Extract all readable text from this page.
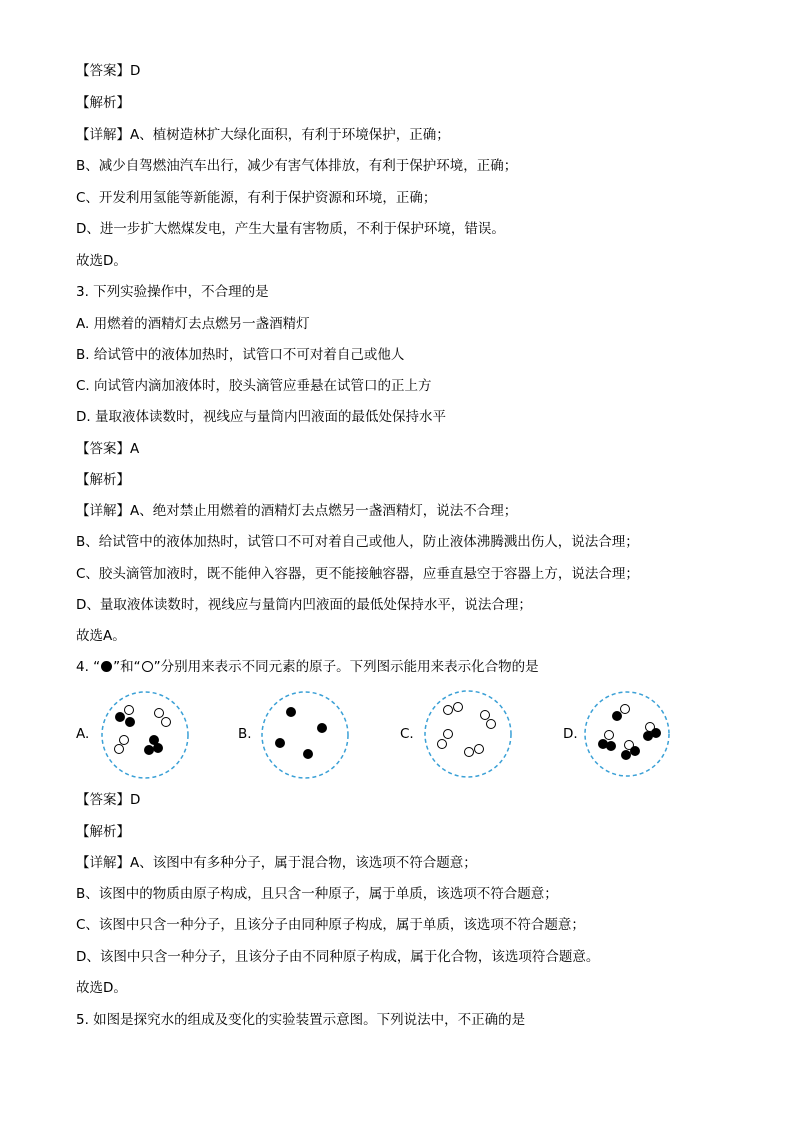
【答案】D
【解析】
【详解】A、植树造林扩大绿化面积，有利于环境保护，正确；
B、减少自驾燃油汽车出行，减少有害气体排放，有利于保护环境，正确；
C、开发利用氢能等新能源，有利于保护资源和环境，正确；
D、进一步扩大燃煤发电，产生大量有害物质，不利于保护环境，错误。
故选D。
3. 下列实验操作中，不合理的是
A. 用燃着的酒精灯去点燃另一盏酒精灯
B. 给试管中的液体加热时，试管口不可对着自己或他人
C. 向试管内滴加液体时，胶头滴管应垂悬在试管口的正上方
D. 量取液体读数时，视线应与量筒内凹液面的最低处保持水平
【答案】A
【解析】
【详解】A、绝对禁止用燃着的酒精灯去点燃另一盏酒精灯，说法不合理；
B、给试管中的液体加热时，试管口不可对着自己或他人，防止液体沸腾溅出伤人，说法合理；
C、胶头滴管加液时，既不能伸入容器，更不能接触容器，应垂直悬空于容器上方，说法合理；
D、量取液体读数时，视线应与量筒内凹液面的最低处保持水平，说法合理；
故选A。
4. “ ”和“ ”分别用来表示不同元素的原子。下列图示能用来表示化合物的是
A.	B.	C.	D.
【答案】D
【解析】
【详解】A、该图中有多种分子，属于混合物，该选项不符合题意；
B、该图中的物质由原子构成，且只含一种原子，属于单质，该选项不符合题意；
C、该图中只含一种分子，且该分子由同种原子构成，属于单质，该选项不符合题意；
D、该图中只含一种分子，且该分子由不同种原子构成，属于化合物，该选项符合题意。
故选D。
5. 如图是探究水的组成及变化的实验装置示意图。下列说法中，不正确的是
